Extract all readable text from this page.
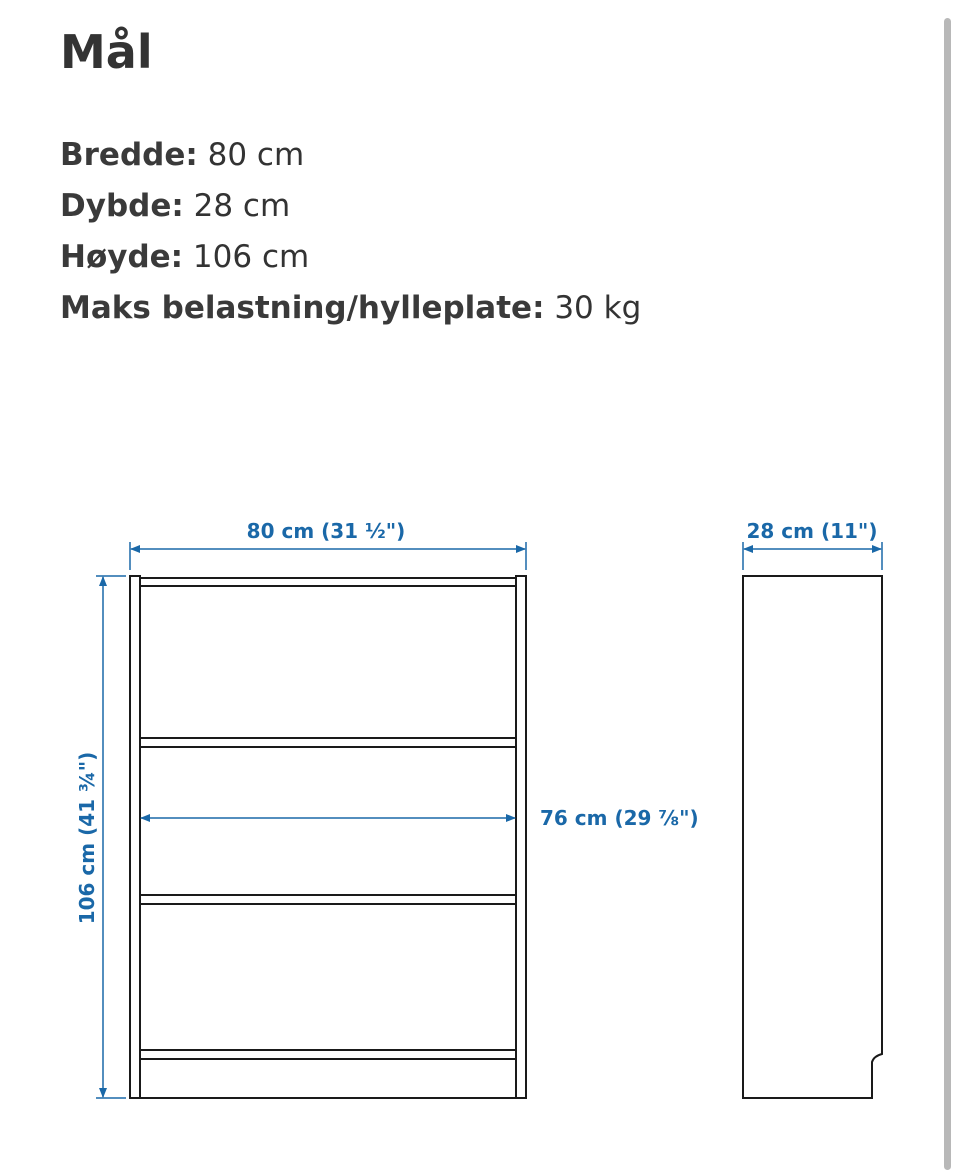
Mål
Bredde: 80 cm
Dybde: 28 cm
Høyde: 106 cm
Maks belastning/hylleplate: 30 kg
80 cm (31 ½")
106 cm (41 ¾")	76 cm (29 ⅞")
28 cm (11")
